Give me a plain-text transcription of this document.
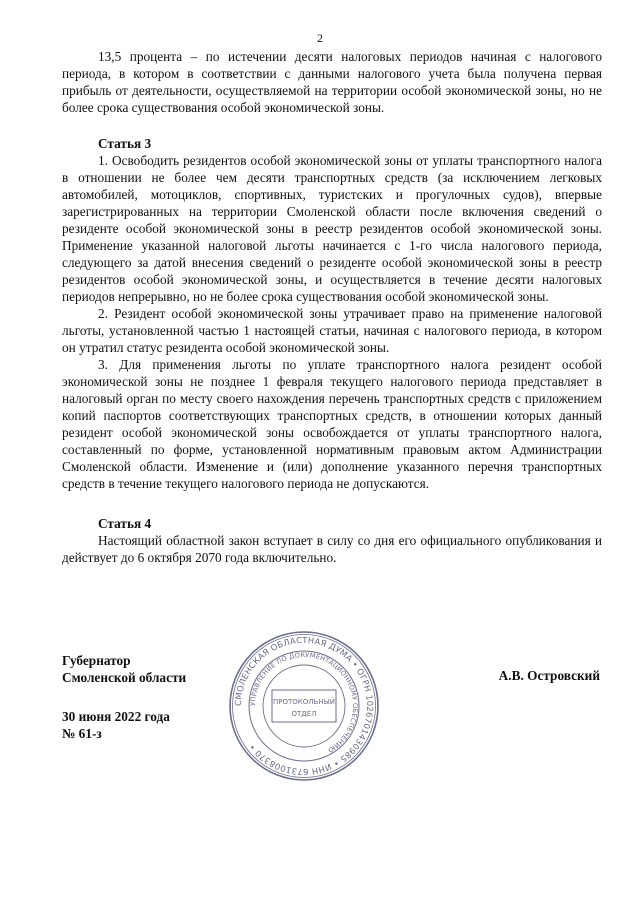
2

13,5 процента – по истечении десяти налоговых периодов начиная с налогового периода, в котором в соответствии с данными налогового учета была получена первая прибыль от деятельности, осуществляемой на территории особой экономической зоны, но не более срока существования особой экономической зоны.

Статья 3

1. Освободить резидентов особой экономической зоны от уплаты транспортного налога в отношении не более чем десяти транспортных средств (за исключением легковых автомобилей, мотоциклов, спортивных, туристских и прогулочных судов), впервые зарегистрированных на территории Смоленской области после включения сведений о резиденте особой экономической зоны в реестр резидентов особой экономической зоны. Применение указанной налоговой льготы начинается с 1-го числа налогового периода, следующего за датой внесения сведений о резиденте особой экономической зоны в реестр резидентов особой экономической зоны, и осуществляется в течение десяти налоговых периодов непрерывно, но не более срока существования особой экономической зоны.

2. Резидент особой экономической зоны утрачивает право на применение налоговой льготы, установленной частью 1 настоящей статьи, начиная с налогового периода, в котором он утратил статус резидента особой экономической зоны.

3. Для применения льготы по уплате транспортного налога резидент особой экономической зоны не позднее 1 февраля текущего налогового периода представляет в налоговый орган по месту своего нахождения перечень транспортных средств с приложением копий паспортов соответствующих транспортных средств, в отношении которых данный резидент особой экономической зоны освобождается от уплаты транспортного налога, составленный по форме, установленной нормативным правовым актом Администрации Смоленской области. Изменение и (или) дополнение указанного перечня транспортных средств в течение текущего налогового периода не допускаются.

Статья 4

Настоящий областной закон вступает в силу со дня его официального опубликования и действует до 6 октября 2070 года включительно.

Губернатор
Смоленской области
30 июня 2022 года
№ 61-з
А.В. Островский
СМОЛЕНСКАЯ ОБЛАСТНАЯ ДУМА • ОГРН 1026701430985 • ИНН 6731008370 •
УПРАВЛЕНИЕ ПО ДОКУМЕНТАЦИОННОМУ ОБЕСПЕЧЕНИЮ
ПРОТОКОЛЬНЫЙ
ОТДЕЛ
